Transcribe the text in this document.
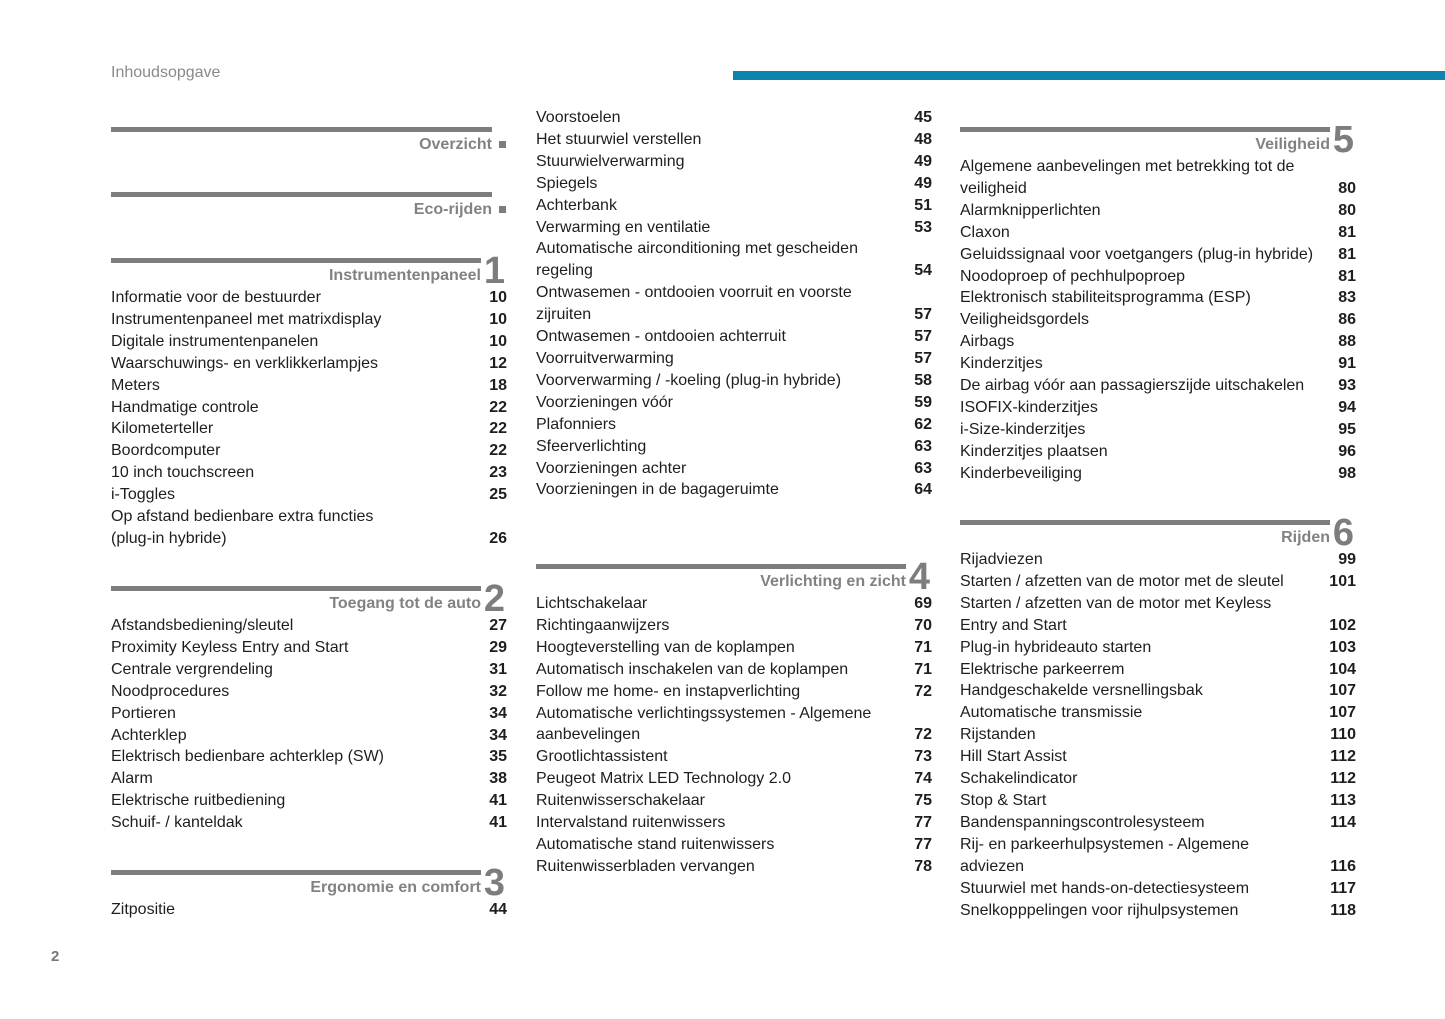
Inhoudsopgave
2
Overzicht
Eco-rijden
Instrumentenpaneel 1
Informatie voor de bestuurder	10
Instrumentenpaneel met matrixdisplay	10
Digitale instrumentenpanelen	10
Waarschuwings- en verklikkerlampjes	12
Meters	18
Handmatige controle	22
Kilometerteller	22
Boordcomputer	22
10 inch touchscreen	23
i-Toggles	25
Op afstand bedienbare extra functies
(plug-in hybride)	26
Toegang tot de auto 2
Afstandsbediening/sleutel	27
Proximity Keyless Entry and Start	29
Centrale vergrendeling	31
Noodprocedures	32
Portieren	34
Achterklep	34
Elektrisch bedienbare achterklep (SW)	35
Alarm	38
Elektrische ruitbediening	41
Schuif- / kanteldak	41
Ergonomie en comfort 3
Zitpositie	44
Voorstoelen	45
Het stuurwiel verstellen	48
Stuurwielverwarming	49
Spiegels	49
Achterbank	51
Verwarming en ventilatie	53
Automatische airconditioning met gescheiden
regeling	54
Ontwasemen - ontdooien voorruit en voorste
zijruiten	57
Ontwasemen - ontdooien achterruit	57
Voorruitverwarming	57
Voorverwarming / -koeling (plug-in hybride)	58
Voorzieningen vóór	59
Plafonniers	62
Sfeerverlichting	63
Voorzieningen achter	63
Voorzieningen in de bagageruimte	64
Verlichting en zicht 4
Lichtschakelaar	69
Richtingaanwijzers	70
Hoogteverstelling van de koplampen	71
Automatisch inschakelen van de koplampen	71
Follow me home- en instapverlichting	72
Automatische verlichtingssystemen - Algemene
aanbevelingen	72
Grootlichtassistent	73
Peugeot Matrix LED Technology 2.0	74
Ruitenwisserschakelaar	75
Intervalstand ruitenwissers	77
Automatische stand ruitenwissers	77
Ruitenwisserbladen vervangen	78
Veiligheid 5
Algemene aanbevelingen met betrekking tot de
veiligheid	80
Alarmknipperlichten	80
Claxon	81
Geluidssignaal voor voetgangers (plug-in hybride)	81
Noodoproep of pechhulpoproep	81
Elektronisch stabiliteitsprogramma (ESP)	83
Veiligheidsgordels	86
Airbags	88
Kinderzitjes	91
De airbag vóór aan passagierszijde uitschakelen	93
ISOFIX-kinderzitjes	94
i-Size-kinderzitjes	95
Kinderzitjes plaatsen	96
Kinderbeveiliging	98
Rijden 6
Rijadviezen	99
Starten / afzetten van de motor met de sleutel	101
Starten / afzetten van de motor met Keyless
Entry and Start	102
Plug-in hybrideauto starten	103
Elektrische parkeerrem	104
Handgeschakelde versnellingsbak	107
Automatische transmissie	107
Rijstanden	110
Hill Start Assist	112
Schakelindicator	112
Stop & Start	113
Bandenspanningscontrolesysteem	114
Rij- en parkeerhulpsystemen - Algemene
adviezen	116
Stuurwiel met hands-on-detectiesysteem	117
Snelkopppelingen voor rijhulpsystemen	118
